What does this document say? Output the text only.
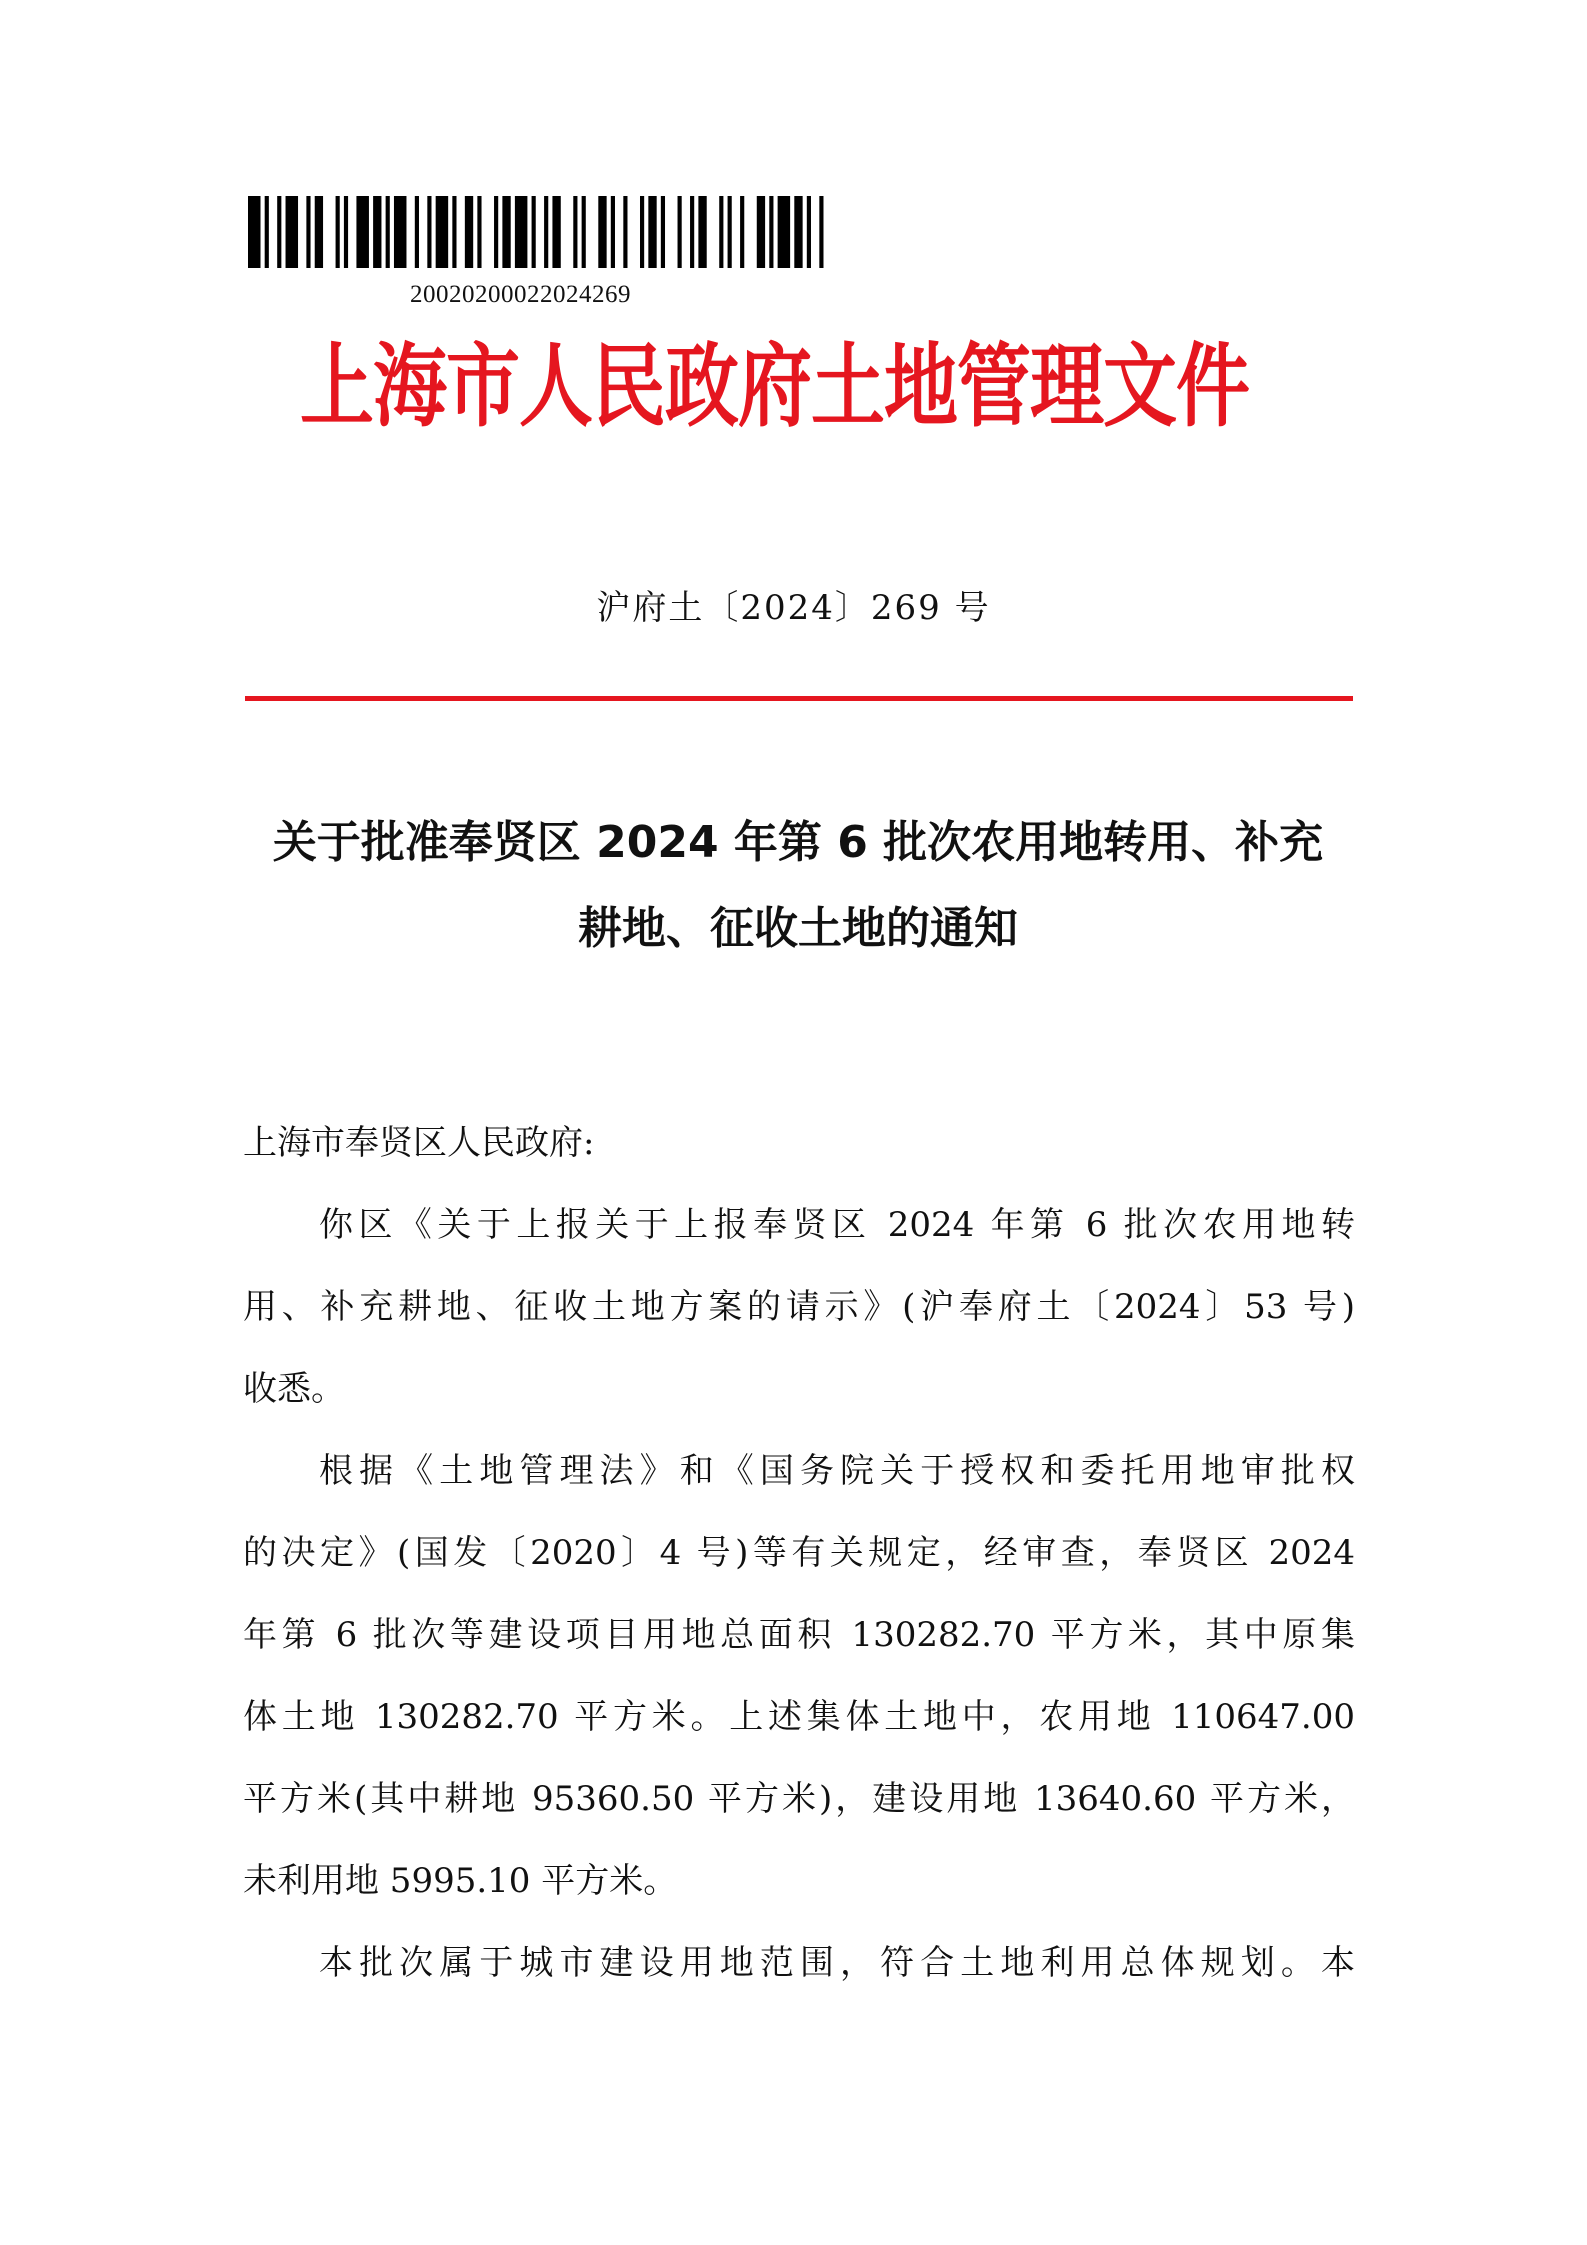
20020200022024269
上海市人民政府土地管理文件
沪府土〔2024〕269 号
关于批准奉贤区 2024 年第 6 批次农用地转用、补充
耕地、征收土地的通知
上海市奉贤区人民政府:
你区《关于上报关于上报奉贤区 2024 年第 6 批次农用地转
用、补充耕地、征收土地方案的请示》(沪奉府土〔2024〕53 号)
收悉。
根据《土地管理法》和《国务院关于授权和委托用地审批权
的决定》(国发〔2020〕4 号)等有关规定，经审查，奉贤区 2024
年第 6 批次等建设项目用地总面积 130282.70 平方米，其中原集
体土地 130282.70 平方米。上述集体土地中，农用地 110647.00
平方米(其中耕地 95360.50 平方米)，建设用地 13640.60 平方米，
未利用地 5995.10 平方米。
本批次属于城市建设用地范围，符合土地利用总体规划。本
